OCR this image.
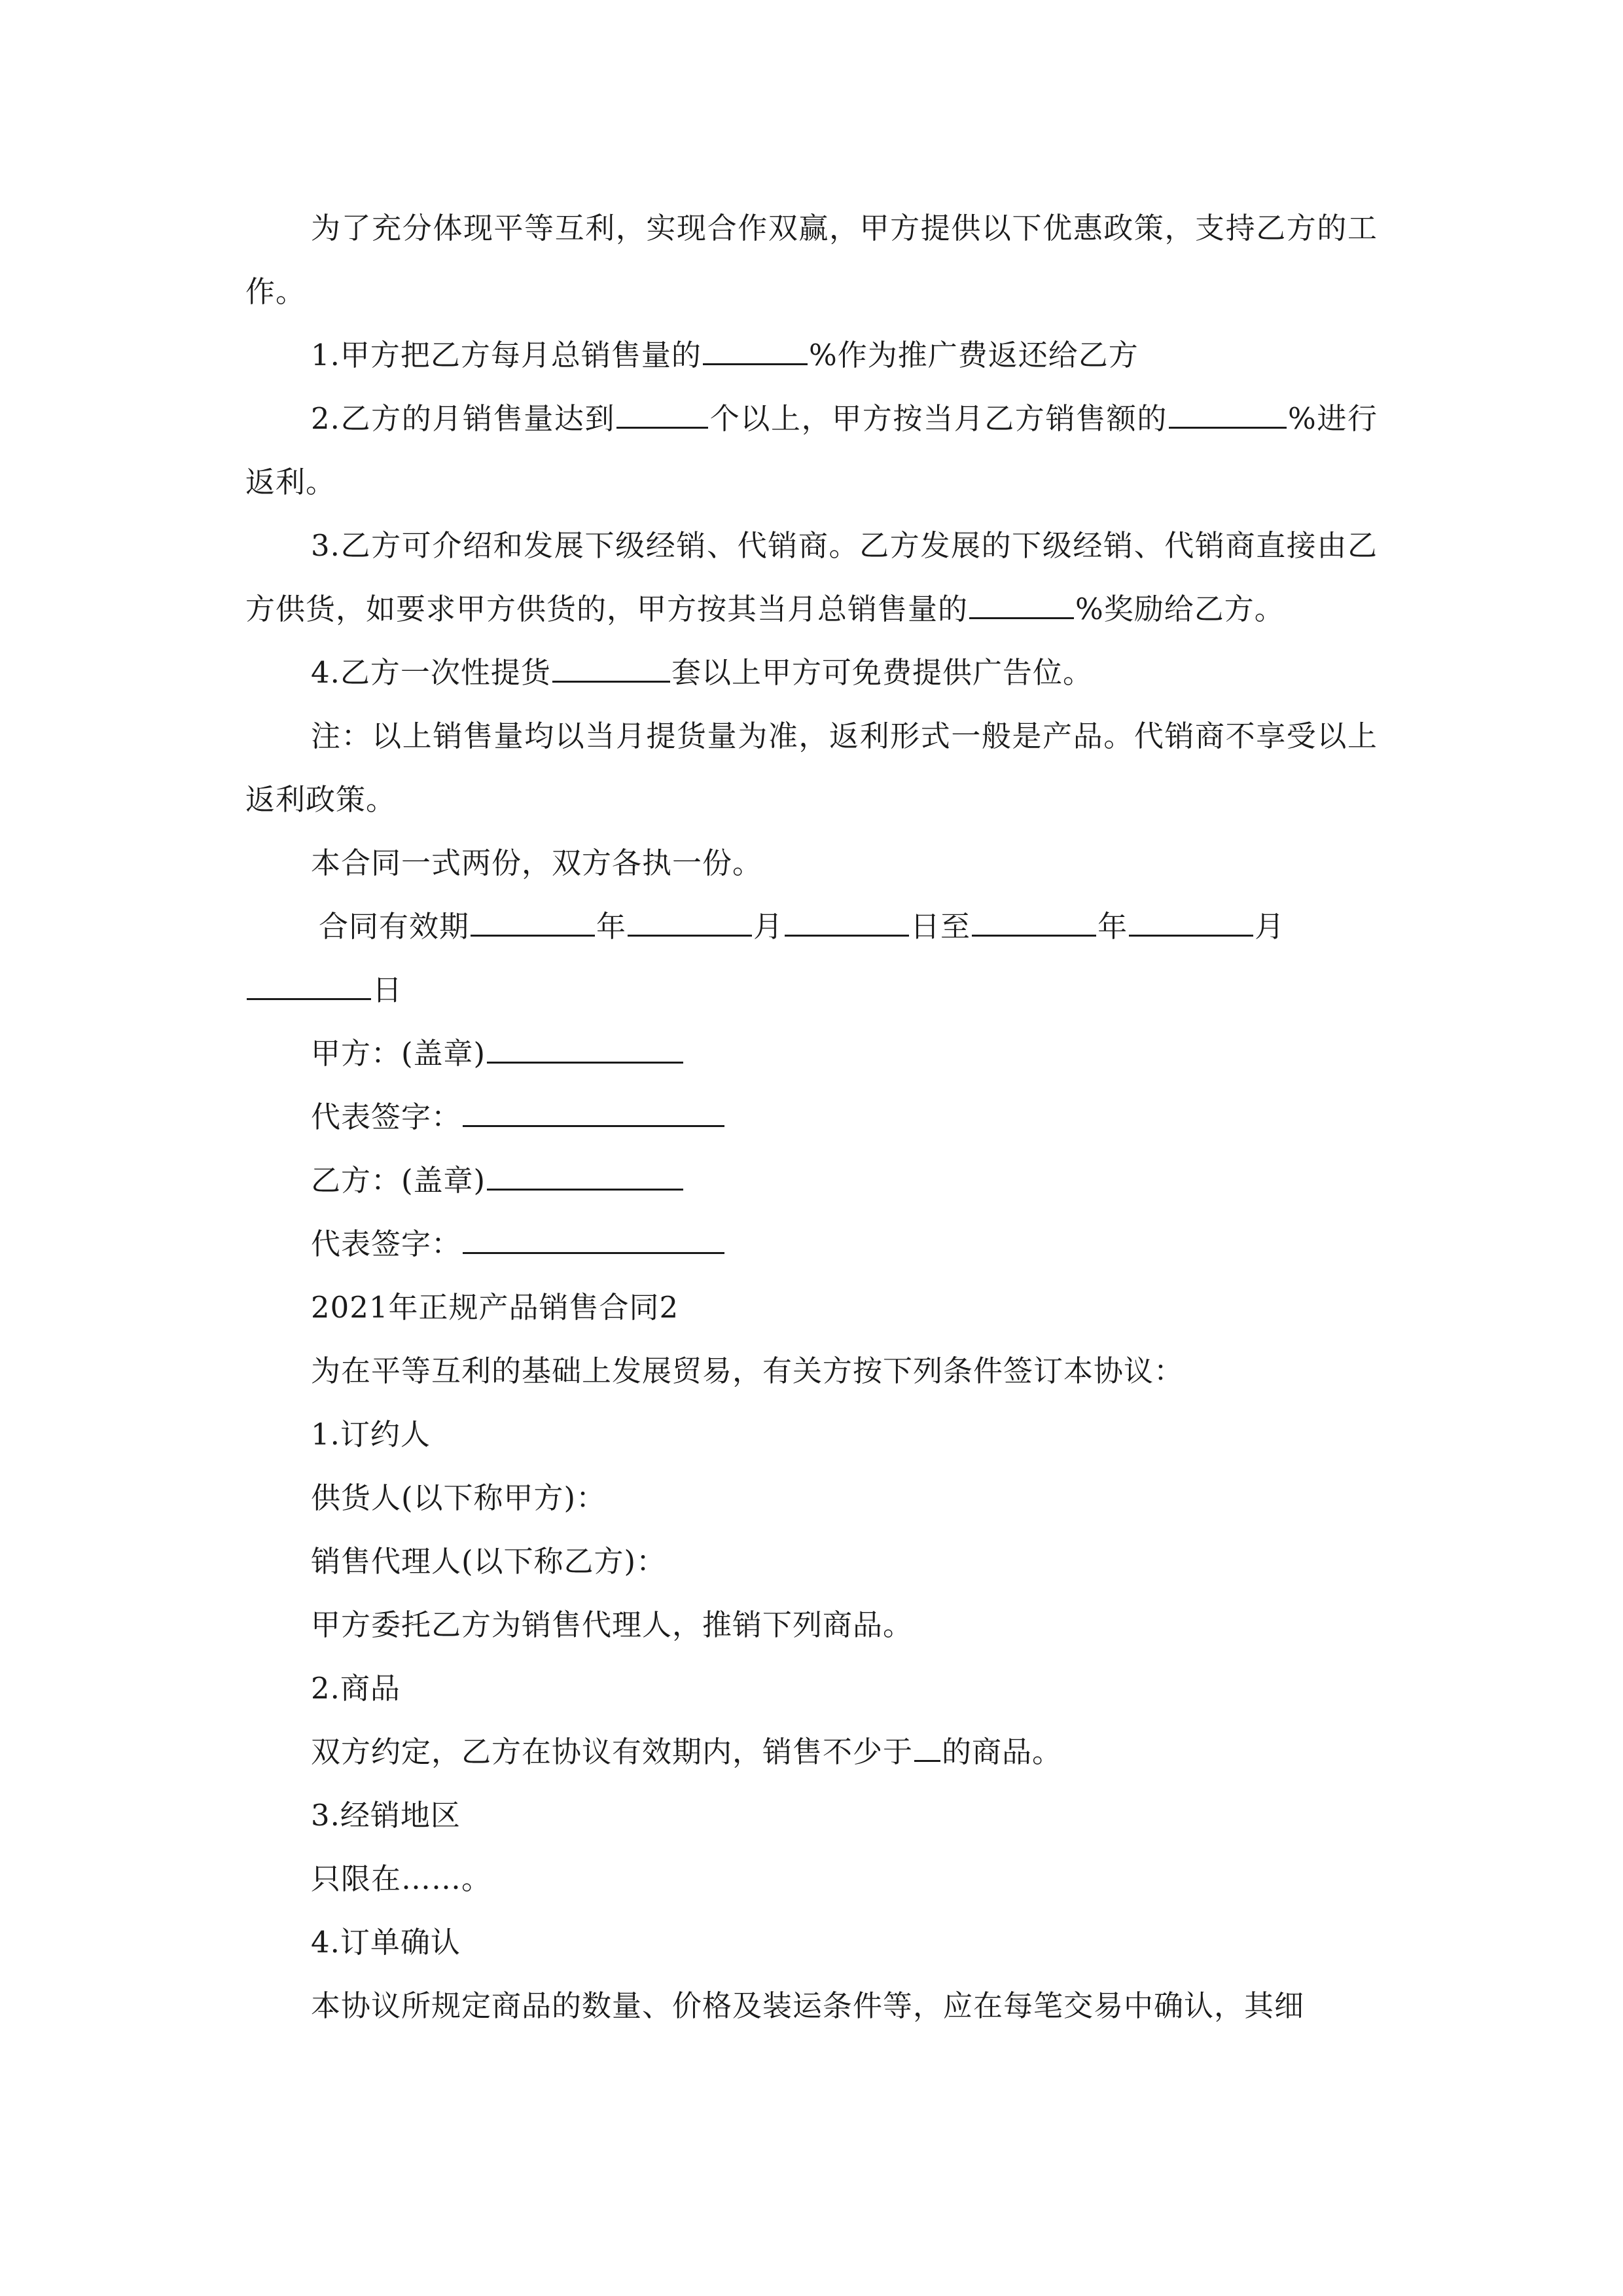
为了充分体现平等互利，实现合作双赢，甲方提供以下优惠政策，支持乙方的工作。

1.甲方把乙方每月总销售量的	%作为推广费返还给乙方

2.乙方的月销售量达到	个以上，甲方按当月乙方销售额的	%进行返利。

3.乙方可介绍和发展下级经销、代销商。乙方发展的下级经销、代销商直接由乙方供货，如要求甲方供货的，甲方按其当月总销售量的	%奖励给乙方。

4.乙方一次性提货	套以上甲方可免费提供广告位。

注：以上销售量均以当月提货量为准，返利形式一般是产品。代销商不享受以上返利政策。

本合同一式两份，双方各执一份。

合同有效期	年	月	日至	年	月

日

甲方：(盖章)

代表签字：

乙方：(盖章)

代表签字：

2021年正规产品销售合同2

为在平等互利的基础上发展贸易，有关方按下列条件签订本协议：

1.订约人

供货人(以下称甲方)：

销售代理人(以下称乙方)：

甲方委托乙方为销售代理人，推销下列商品。

2.商品

双方约定，乙方在协议有效期内，销售不少于 的商品。

3.经销地区

只限在……。

4.订单确认

本协议所规定商品的数量、价格及装运条件等，应在每笔交易中确认，其细
